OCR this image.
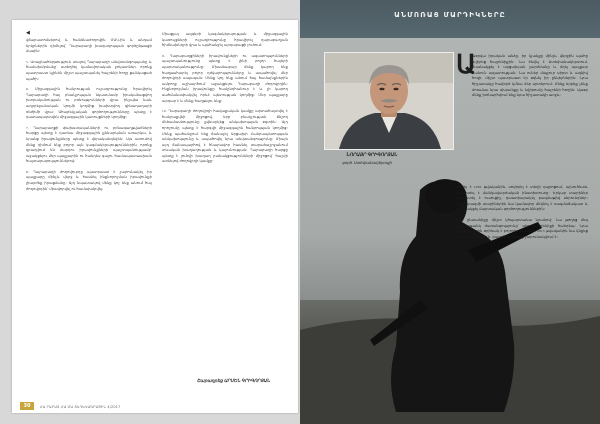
◀

վճարատոմսերով և հանձնաժողովին ՄԱԿ-ին և անդամ երկրներին դիմելով՝ Ղարաբաղի խաղաղության գործընթացի մասին։

5. Առաջնահերթություն տալով Ղարաբաղի անվտանգությանը և համախմբմանը՝ ստեղծել կամավորական ջոկատներ, որոնք պատրաստ կլինեն միշտ պաշտպանել հայրենի հողը ցանկացած պահի։

6. Միջազգային հանրության ուշադրությունը հրավիրել Ղարաբաղի հայ բնակչության նկատմամբ իրականացվող խտրականության ու բռնությունների վրա, ինչպես նաև ադրբեջանական կողմի կողմից խախտվող զինադադարի ռեժիմի վրա։ Ահաբեկչական գործողությունները պետք է դատապարտվեն միջազգային կառույցների կողմից։

7. Ղարաբաղցի փախստականների ու բռնագաղթվածների հարցը պետք է դառնա միջազգային քննարկման առարկա, և նրանց իրավունքները պետք է վերականգնվեն։ Այս առումով մենք դիմում ենք բոլոր այն կազմակերպություններին, որոնք զբաղվում են մարդու իրավունքների պաշտպանությամբ՝ աջակցելու մեր պայքարին ու հանդես գալու համապատասխան հայտարարություններով։

8. Ղարաբաղի ժողովուրդը պատրաստ է շարունակել իր պայքարը մինչև վերջ և հասնել ինքնորոշման իրավունքի լիարժեք իրացմանը։ Այդ նպատակով մենք կոչ ենք անում հայ ժողովրդին՝ միավորվել ու համախմբվել։

Միացյալ ազգերի կազմակերպության և միջազգային կառույցների ուշադրությունը հրավիրել ղարաբաղյան հիմնախնդրի վրա և պահանջել արդարացի լուծում։

9. Ղարաբաղցիների իրավունքների ու ազատությունների պաշտպանությունը պետք է լինի բոլոր հայերի պարտականությունը։ Միասնաբար մենք կարող ենք հաղթահարել բոլոր դժվարությունները և ապահովել մեր ժողովրդի ապագան։ Մենք կոչ ենք անում հայ համայնքներին ամբողջ աշխարհում՝ աջակցելու Ղարաբաղի ժողովրդին։ Ինքնորոշման իրավունքը համընդհանուր է և չի կարող սահմանափակվել որևէ պետության կողմից։ Մեր պայքարը արդար է և մենք հաղթելու ենք։

10. Ղարաբաղի ժողովրդի հավաքական կամքը արտահայտվել է հանրաքվեի միջոցով, երբ բնակչության ճնշող մեծամասնությունը քվեարկեց անկախության օգտին։ Այդ որոշումը պետք է հարգվի միջազգային հանրության կողմից։ Մենք պահանջում ենք ճանաչել Արցախի Հանրապետության անկախությունը և ապահովել նրա անվտանգությունը։ Միայն այդ ճանապարհով է հնարավոր հասնել տարածաշրջանում տևական խաղաղության և կայունության։ Ղարաբաղի հարցը պետք է լուծվի խաղաղ բանակցությունների միջոցով՝ հաշվի առնելով ժողովրդի կամքը։

Շարադրեց ԱՐՄԵՆ ԳՐԻԳՈՐՅԱՆ
30	ՀԱ ՐԱՐԱՏ ՀԱ ՄԱ ՏԵՂԵԿԱԳՐԱՅԻՆ 4/2017
ԱՆՄՈՌԱՑ ՄԱՐԴԻԿՆԵՐԸ
ՆՈՐԱՅՐ ԳՐԻԳՈՐՅԱՆ
գործ. Ստեփանակերտցի
Ա

յսօրվա իրական անձը, իր կյանքը մինչև վերջին պահը նվիրեց հայրենիքին։ Նա ծնվել է Ստեփանակերտում, մասնակցել է արցախյան շարժմանը և մղել պայքար հանուն ազատության։ Նա ուներ մաքուր սիրտ և ազնիվ հոգի, միշտ պատրաստ էր օգնել իր ընկերներին։ Նրա հիշատակը հավերժ կմնա մեր սրտերում։ Մենք երբեք չենք մոռանա նրա սխրանքը և նվիրումը հայրենի հողին։ Այսօր մենք խոնարհվում ենք նրա հիշատակի առջև։

Ծնվել է 1936 թվականին, սովորել է տեղի դպրոցում, այնուհետև ավարտել է մանկավարժական ինստիտուտը։ Երկար տարիներ աշխատել է ուսուցիչ, դաստիարակել բազմաթիվ սերունդներ։ Պատերազմի տարիներին նա կամավոր մեկնել է ռազմաճակատ և մասնակցել մարտական գործողություններին։

Մեր ընտանիքը միշտ կհպարտանա նրանով։ Նա թողեց մեզ ամենաթանկ ժառանգությունը՝ սեր հայրենիքի հանդեպ։ Նրա կյանքի ուղին օրինակ է բոլորիս համար։ 2015 թվականին նա կնքեց իր մահկանացուն, բայց նրա գործը շարունակվում է։
